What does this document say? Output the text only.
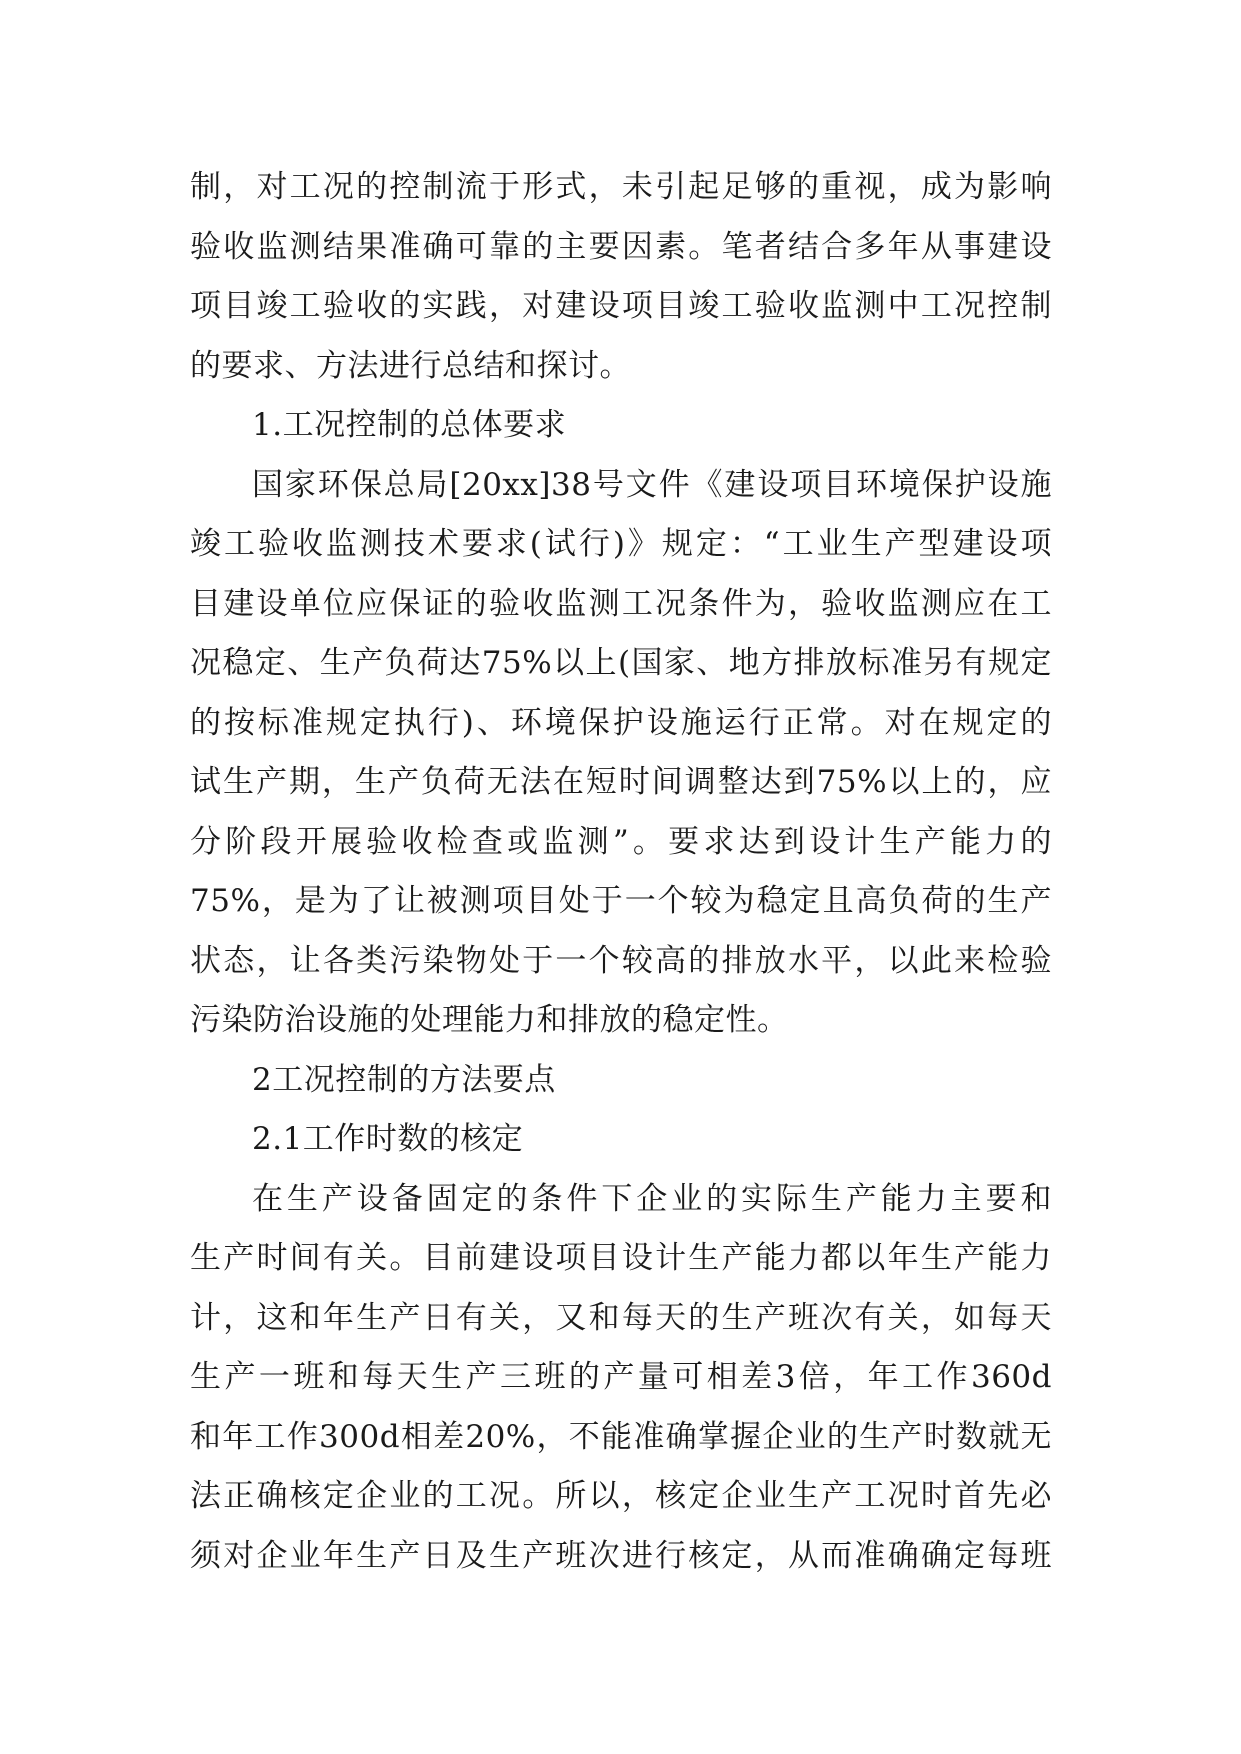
制，对工况的控制流于形式，未引起足够的重视，成为影响
验收监测结果准确可靠的主要因素。笔者结合多年从事建设
项目竣工验收的实践，对建设项目竣工验收监测中工况控制
的要求、方法进行总结和探讨。
1.工况控制的总体要求
国家环保总局[20xx]38号文件《建设项目环境保护设施
竣工验收监测技术要求(试行)》规定：“工业生产型建设项
目建设单位应保证的验收监测工况条件为，验收监测应在工
况稳定、生产负荷达75%以上(国家、地方排放标准另有规定
的按标准规定执行)、环境保护设施运行正常。对在规定的
试生产期，生产负荷无法在短时间调整达到75%以上的，应
分阶段开展验收检查或监测”。要求达到设计生产能力的
75%，是为了让被测项目处于一个较为稳定且高负荷的生产
状态，让各类污染物处于一个较高的排放水平，以此来检验
污染防治设施的处理能力和排放的稳定性。
2工况控制的方法要点
2.1工作时数的核定
在生产设备固定的条件下企业的实际生产能力主要和
生产时间有关。目前建设项目设计生产能力都以年生产能力
计，这和年生产日有关，又和每天的生产班次有关，如每天
生产一班和每天生产三班的产量可相差3倍，年工作360d
和年工作300d相差20%，不能准确掌握企业的生产时数就无
法正确核定企业的工况。所以，核定企业生产工况时首先必
须对企业年生产日及生产班次进行核定，从而准确确定每班
